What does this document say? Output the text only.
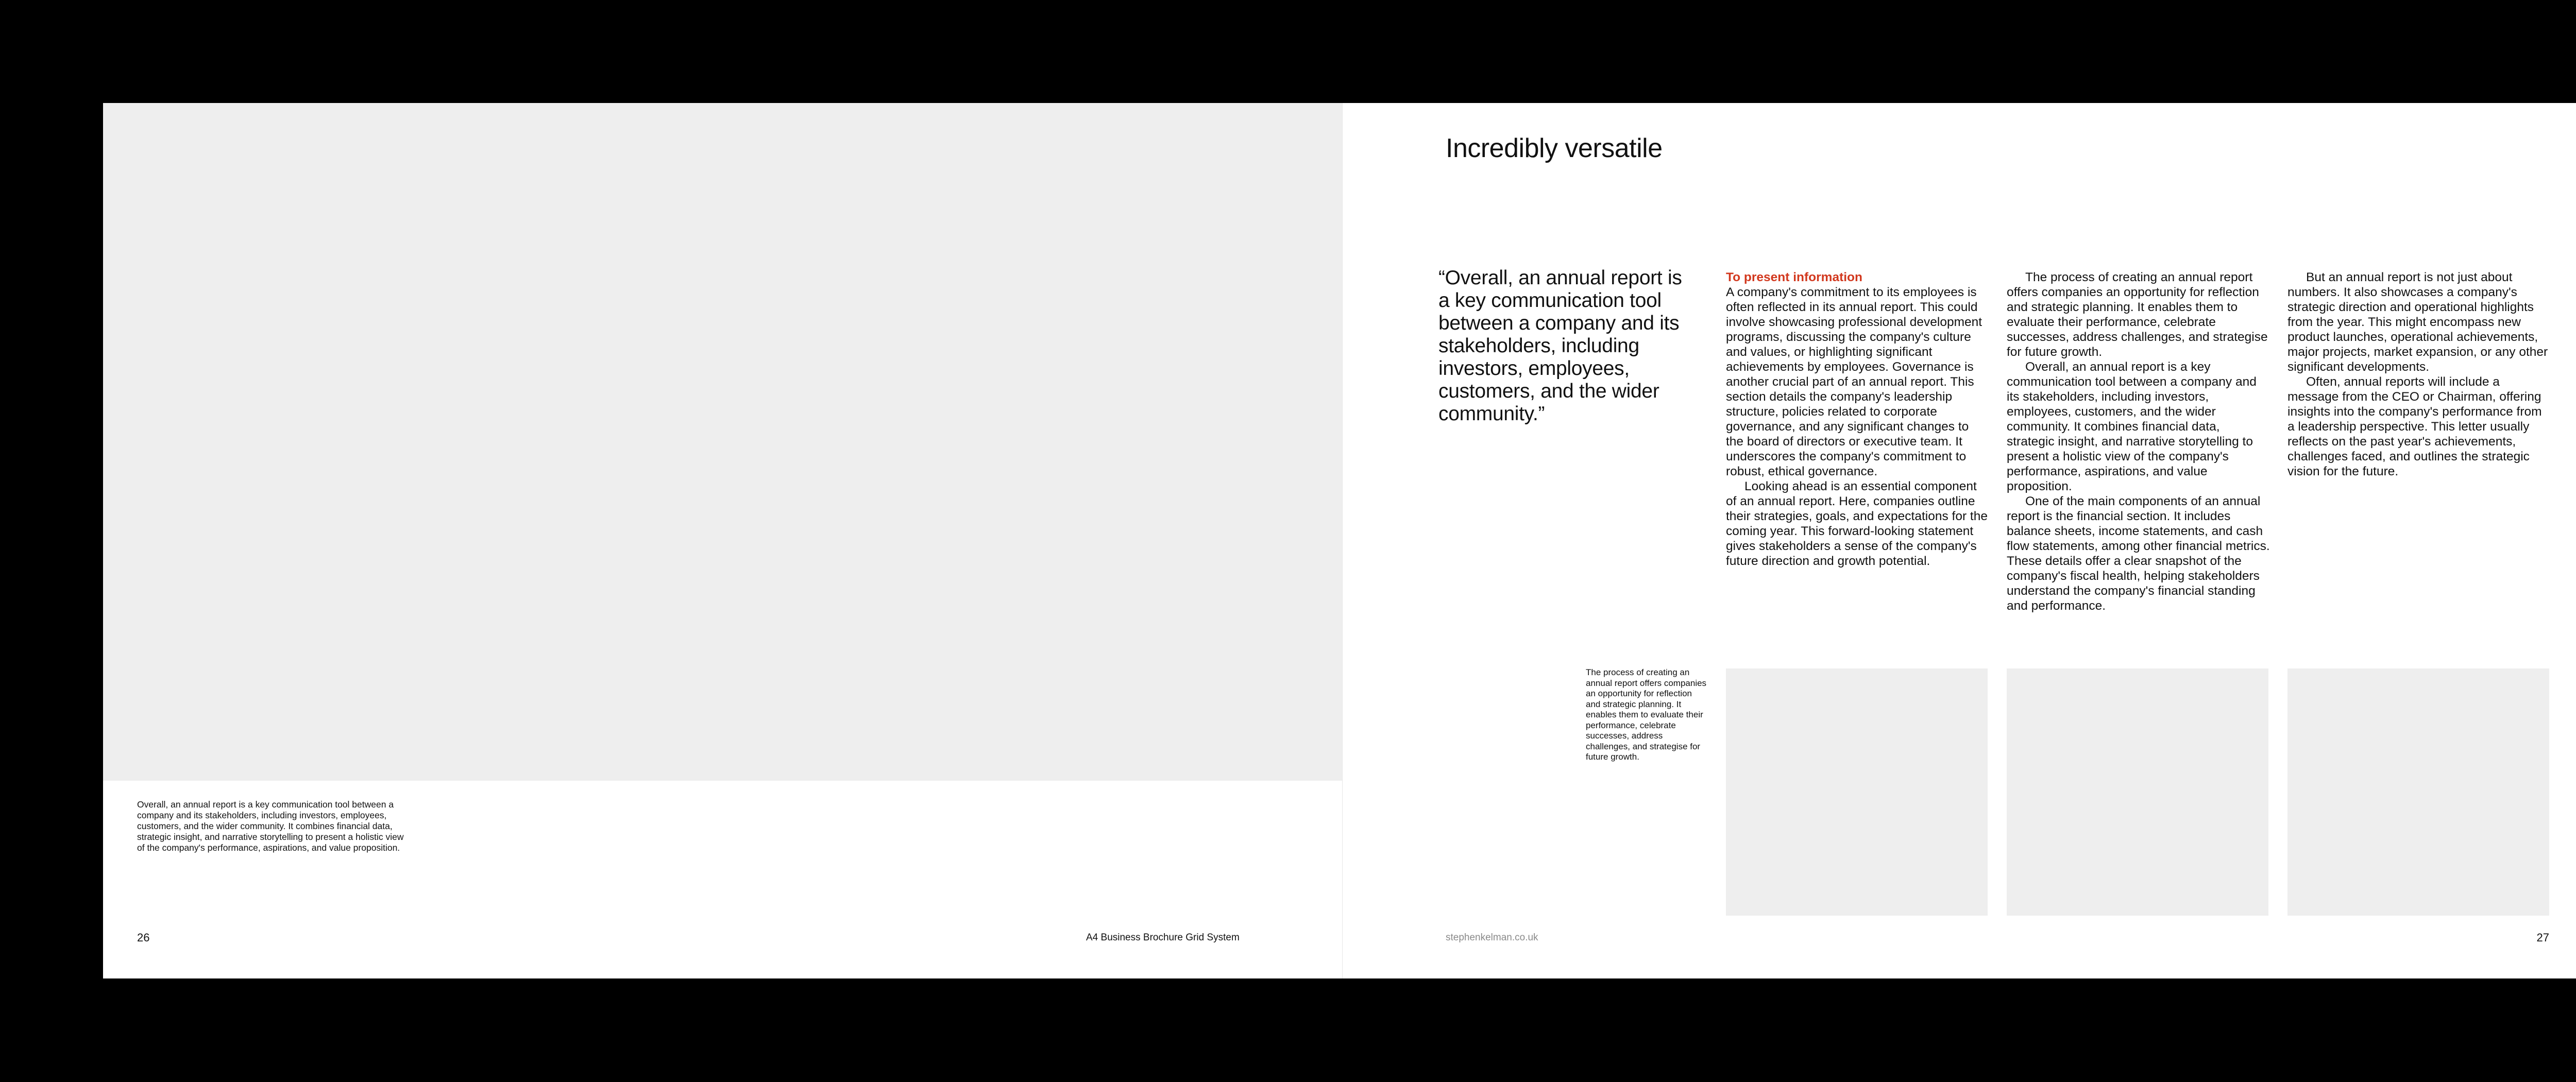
Overall, an annual report is a key communication tool between a company and its stakeholders, including investors, employees, customers, and the wider community. It combines financial data, strategic insight, and narrative storytelling to present a holistic view of the company's performance, aspirations, and value proposition.
26	A4 Business Brochure Grid System
Incredibly versatile
“Overall, an annual report is a key communication tool between a company and its stakeholders, including investors, employees, customers, and the wider community.”

To present information

A company's commitment to its employees is often reflected in its annual report. This could involve showcasing professional development programs, discussing the company's culture and values, or highlighting significant achievements by employees. Governance is another crucial part of an annual report. This section details the company's leadership structure, policies related to corporate governance, and any significant changes to the board of directors or executive team. It underscores the company's commitment to robust, ethical governance.

Looking ahead is an essential component of an annual report. Here, companies outline their strategies, goals, and expectations for the coming year. This forward-looking statement gives stakeholders a sense of the company's future direction and growth potential.

The process of creating an annual report offers companies an opportunity for reflection and strategic planning. It enables them to evaluate their performance, celebrate successes, address challenges, and strategise for future growth.

Overall, an annual report is a key communication tool between a company and its stakeholders, including investors, employees, customers, and the wider community. It combines financial data, strategic insight, and narrative storytelling to present a holistic view of the company's performance, aspirations, and value proposition.

One of the main components of an annual report is the financial section. It includes balance sheets, income statements, and cash flow statements, among other financial metrics. These details offer a clear snapshot of the company's fiscal health, helping stakeholders understand the company's financial standing and performance.

But an annual report is not just about numbers. It also showcases a company's strategic direction and operational highlights from the year. This might encompass new product launches, operational achievements, major projects, market expansion, or any other significant developments.

Often, annual reports will include a message from the CEO or Chairman, offering insights into the company's performance from a leadership perspective. This letter usually reflects on the past year's achievements, challenges faced, and outlines the strategic vision for the future.

The process of creating an annual report offers companies an opportunity for reflection and strategic planning. It enables them to evaluate their performance, celebrate successes, address challenges, and strategise for future growth.
stephenkelman.co.uk	27
